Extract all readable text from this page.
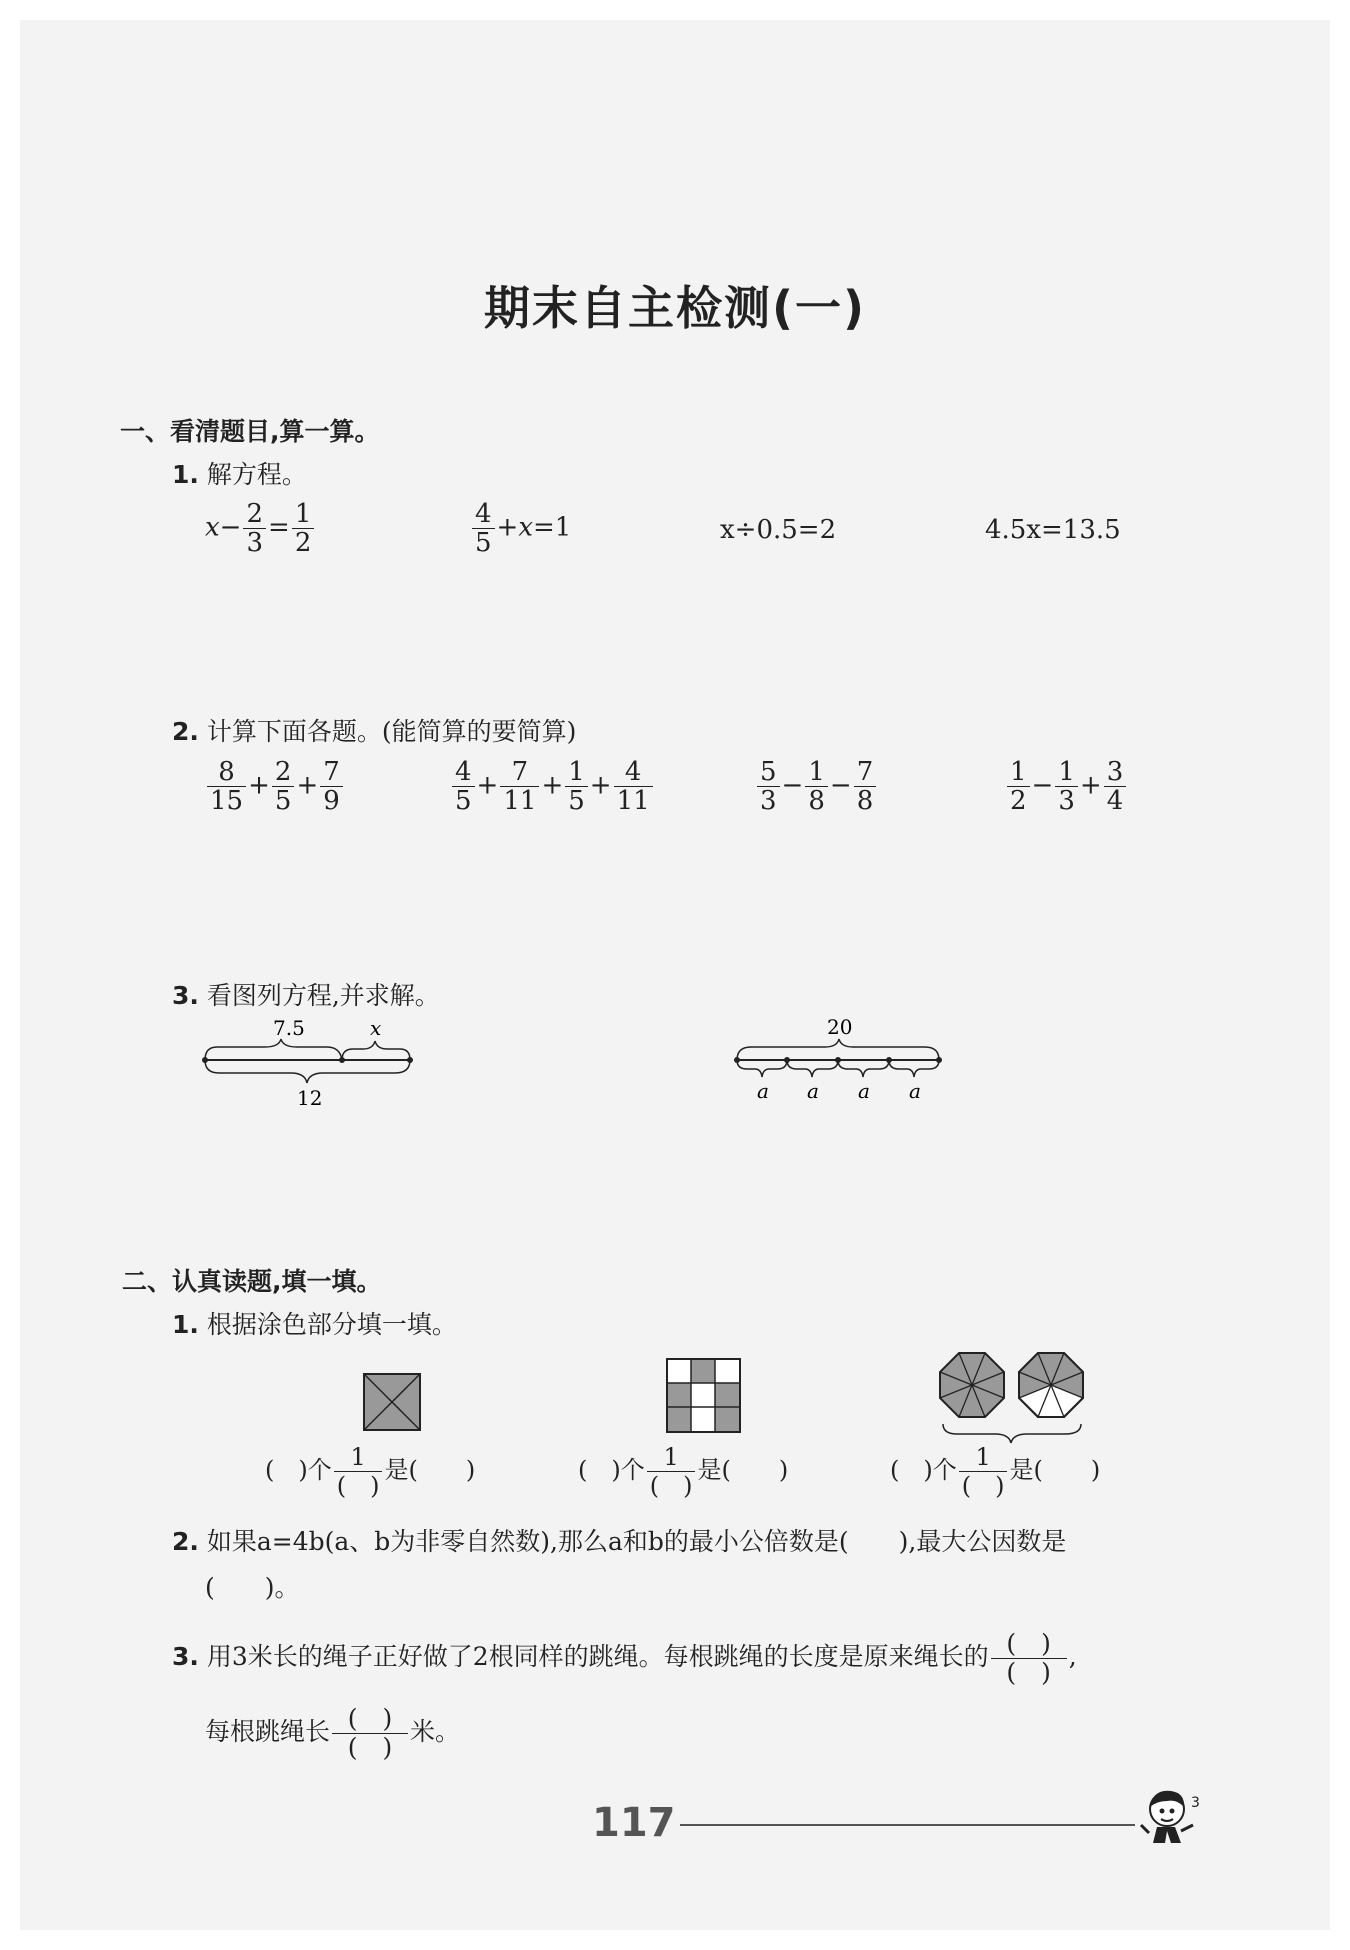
期末自主检测(一)
一、看清题目,算一算。
1. 解方程。
$x- \frac{2}{3} = \frac{1}{2}$	$\frac{4}{5} +x=1$	x÷0.5=2	4.5x=13.5
2. 计算下面各题。(能简算的要简算)
$\frac{8}{15} + \frac{2}{5} + \frac{7}{9}$	$\frac{4}{5} + \frac{7}{11} + \frac{1}{5} + \frac{4}{11}$	$\frac{5}{3} - \frac{1}{8} - \frac{7}{8}$	$\frac{1}{2} - \frac{1}{3} + \frac{3}{4}$
3. 看图列方程,并求解。
7.5	x
12
20
a a a a
二、认真读题,填一填。
1. 根据涂色部分填一填。
(　)个 $\frac{1}{( )}$ 是(　　)	(　)个 $\frac{1}{( )}$ 是(　　)	(　)个 $\frac{1}{( )}$ 是(　　)
2. 如果a=4b(a、b为非零自然数),那么a和b的最小公倍数是(　　),最大公因数是
(　　)。
3. 用3米长的绳子正好做了2根同样的跳绳。每根跳绳的长度是原来绳长的 $\frac{( )}{( )}$ ,
每根跳绳长 $\frac{( )}{( )}$ 米。
117	3
